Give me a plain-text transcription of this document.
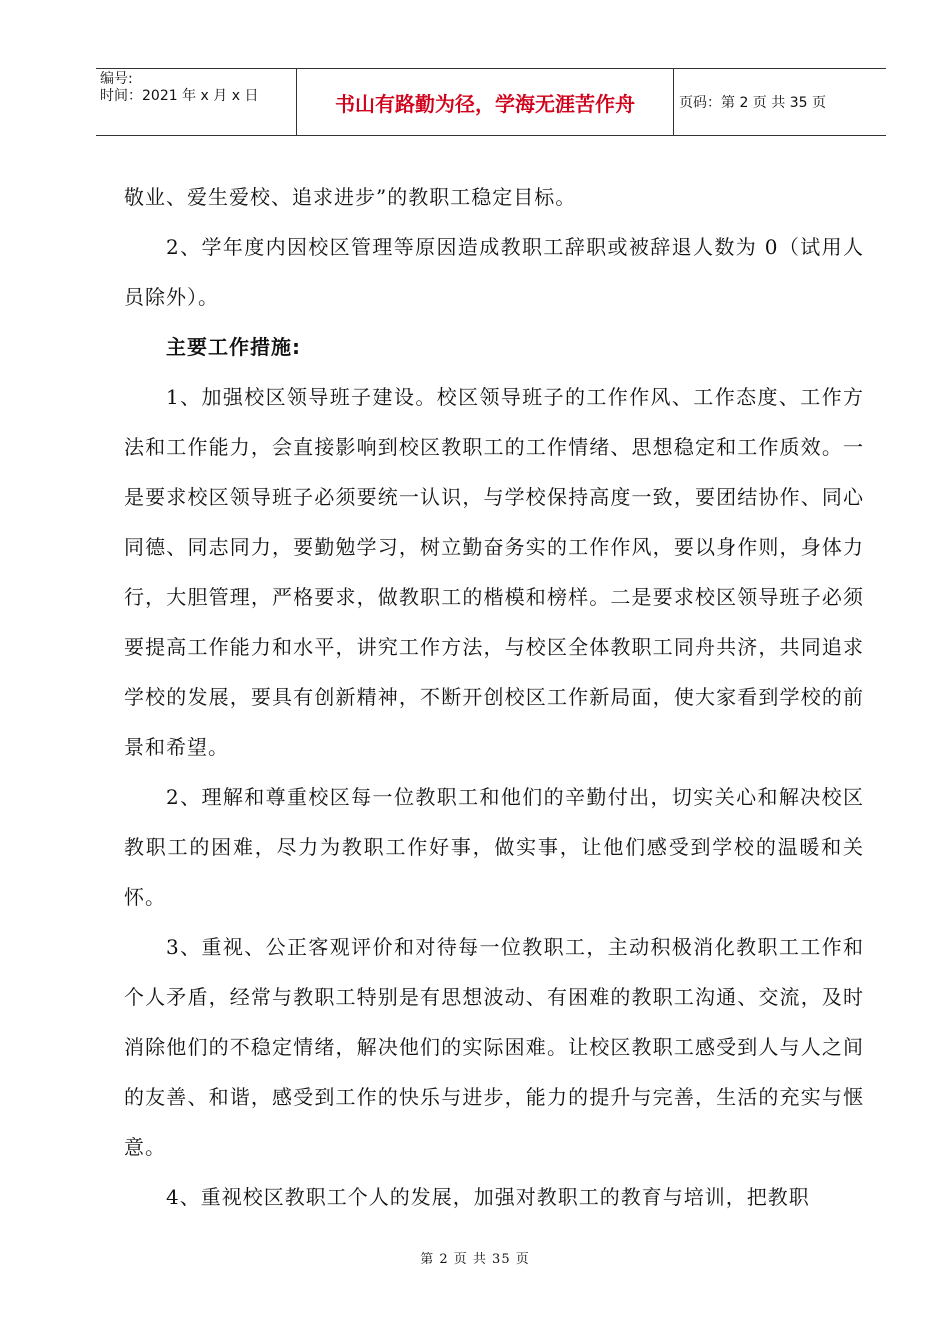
编号:
时间：2021 年 x 月 x 日	书山有路勤为径，学海无涯苦作舟	页码：第 2 页 共 35 页

敬业、爱生爱校、追求进步”的教职工稳定目标。

2、学年度内因校区管理等原因造成教职工辞职或被辞退人数为 0（试用人员除外）。

主要工作措施:

1、加强校区领导班子建设。校区领导班子的工作作风、工作态度、工作方法和工作能力，会直接影响到校区教职工的工作情绪、思想稳定和工作质效。一是要求校区领导班子必须要统一认识，与学校保持高度一致，要团结协作、同心同德、同志同力，要勤勉学习，树立勤奋务实的工作作风，要以身作则，身体力行，大胆管理，严格要求，做教职工的楷模和榜样。二是要求校区领导班子必须要提高工作能力和水平，讲究工作方法，与校区全体教职工同舟共济，共同追求学校的发展，要具有创新精神，不断开创校区工作新局面，使大家看到学校的前景和希望。

2、理解和尊重校区每一位教职工和他们的辛勤付出，切实关心和解决校区教职工的困难，尽力为教职工作好事，做实事，让他们感受到学校的温暖和关怀。

3、重视、公正客观评价和对待每一位教职工，主动积极消化教职工工作和个人矛盾，经常与教职工特别是有思想波动、有困难的教职工沟通、交流，及时消除他们的不稳定情绪，解决他们的实际困难。让校区教职工感受到人与人之间的友善、和谐，感受到工作的快乐与进步，能力的提升与完善，生活的充实与惬意。

4、重视校区教职工个人的发展，加强对教职工的教育与培训，把教职

第 2 页 共 35 页
